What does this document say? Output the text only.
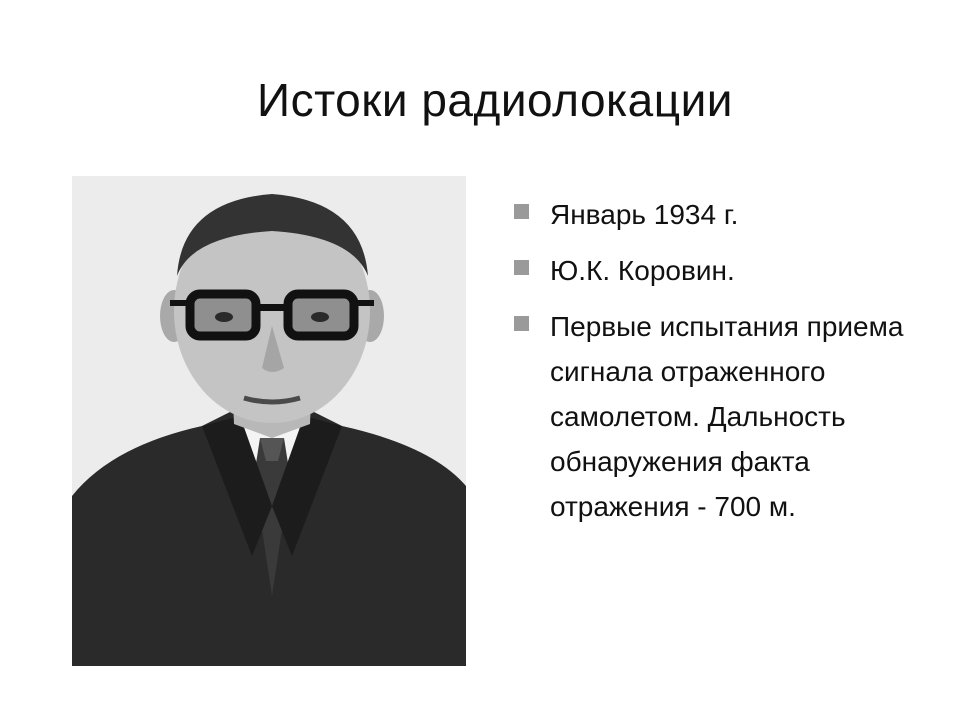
Истоки радиолокации
Январь 1934 г.
Ю.К. Коровин.
Первые испытания приема сигнала отраженного самолетом. Дальность обнаружения факта отражения - 700 м.
